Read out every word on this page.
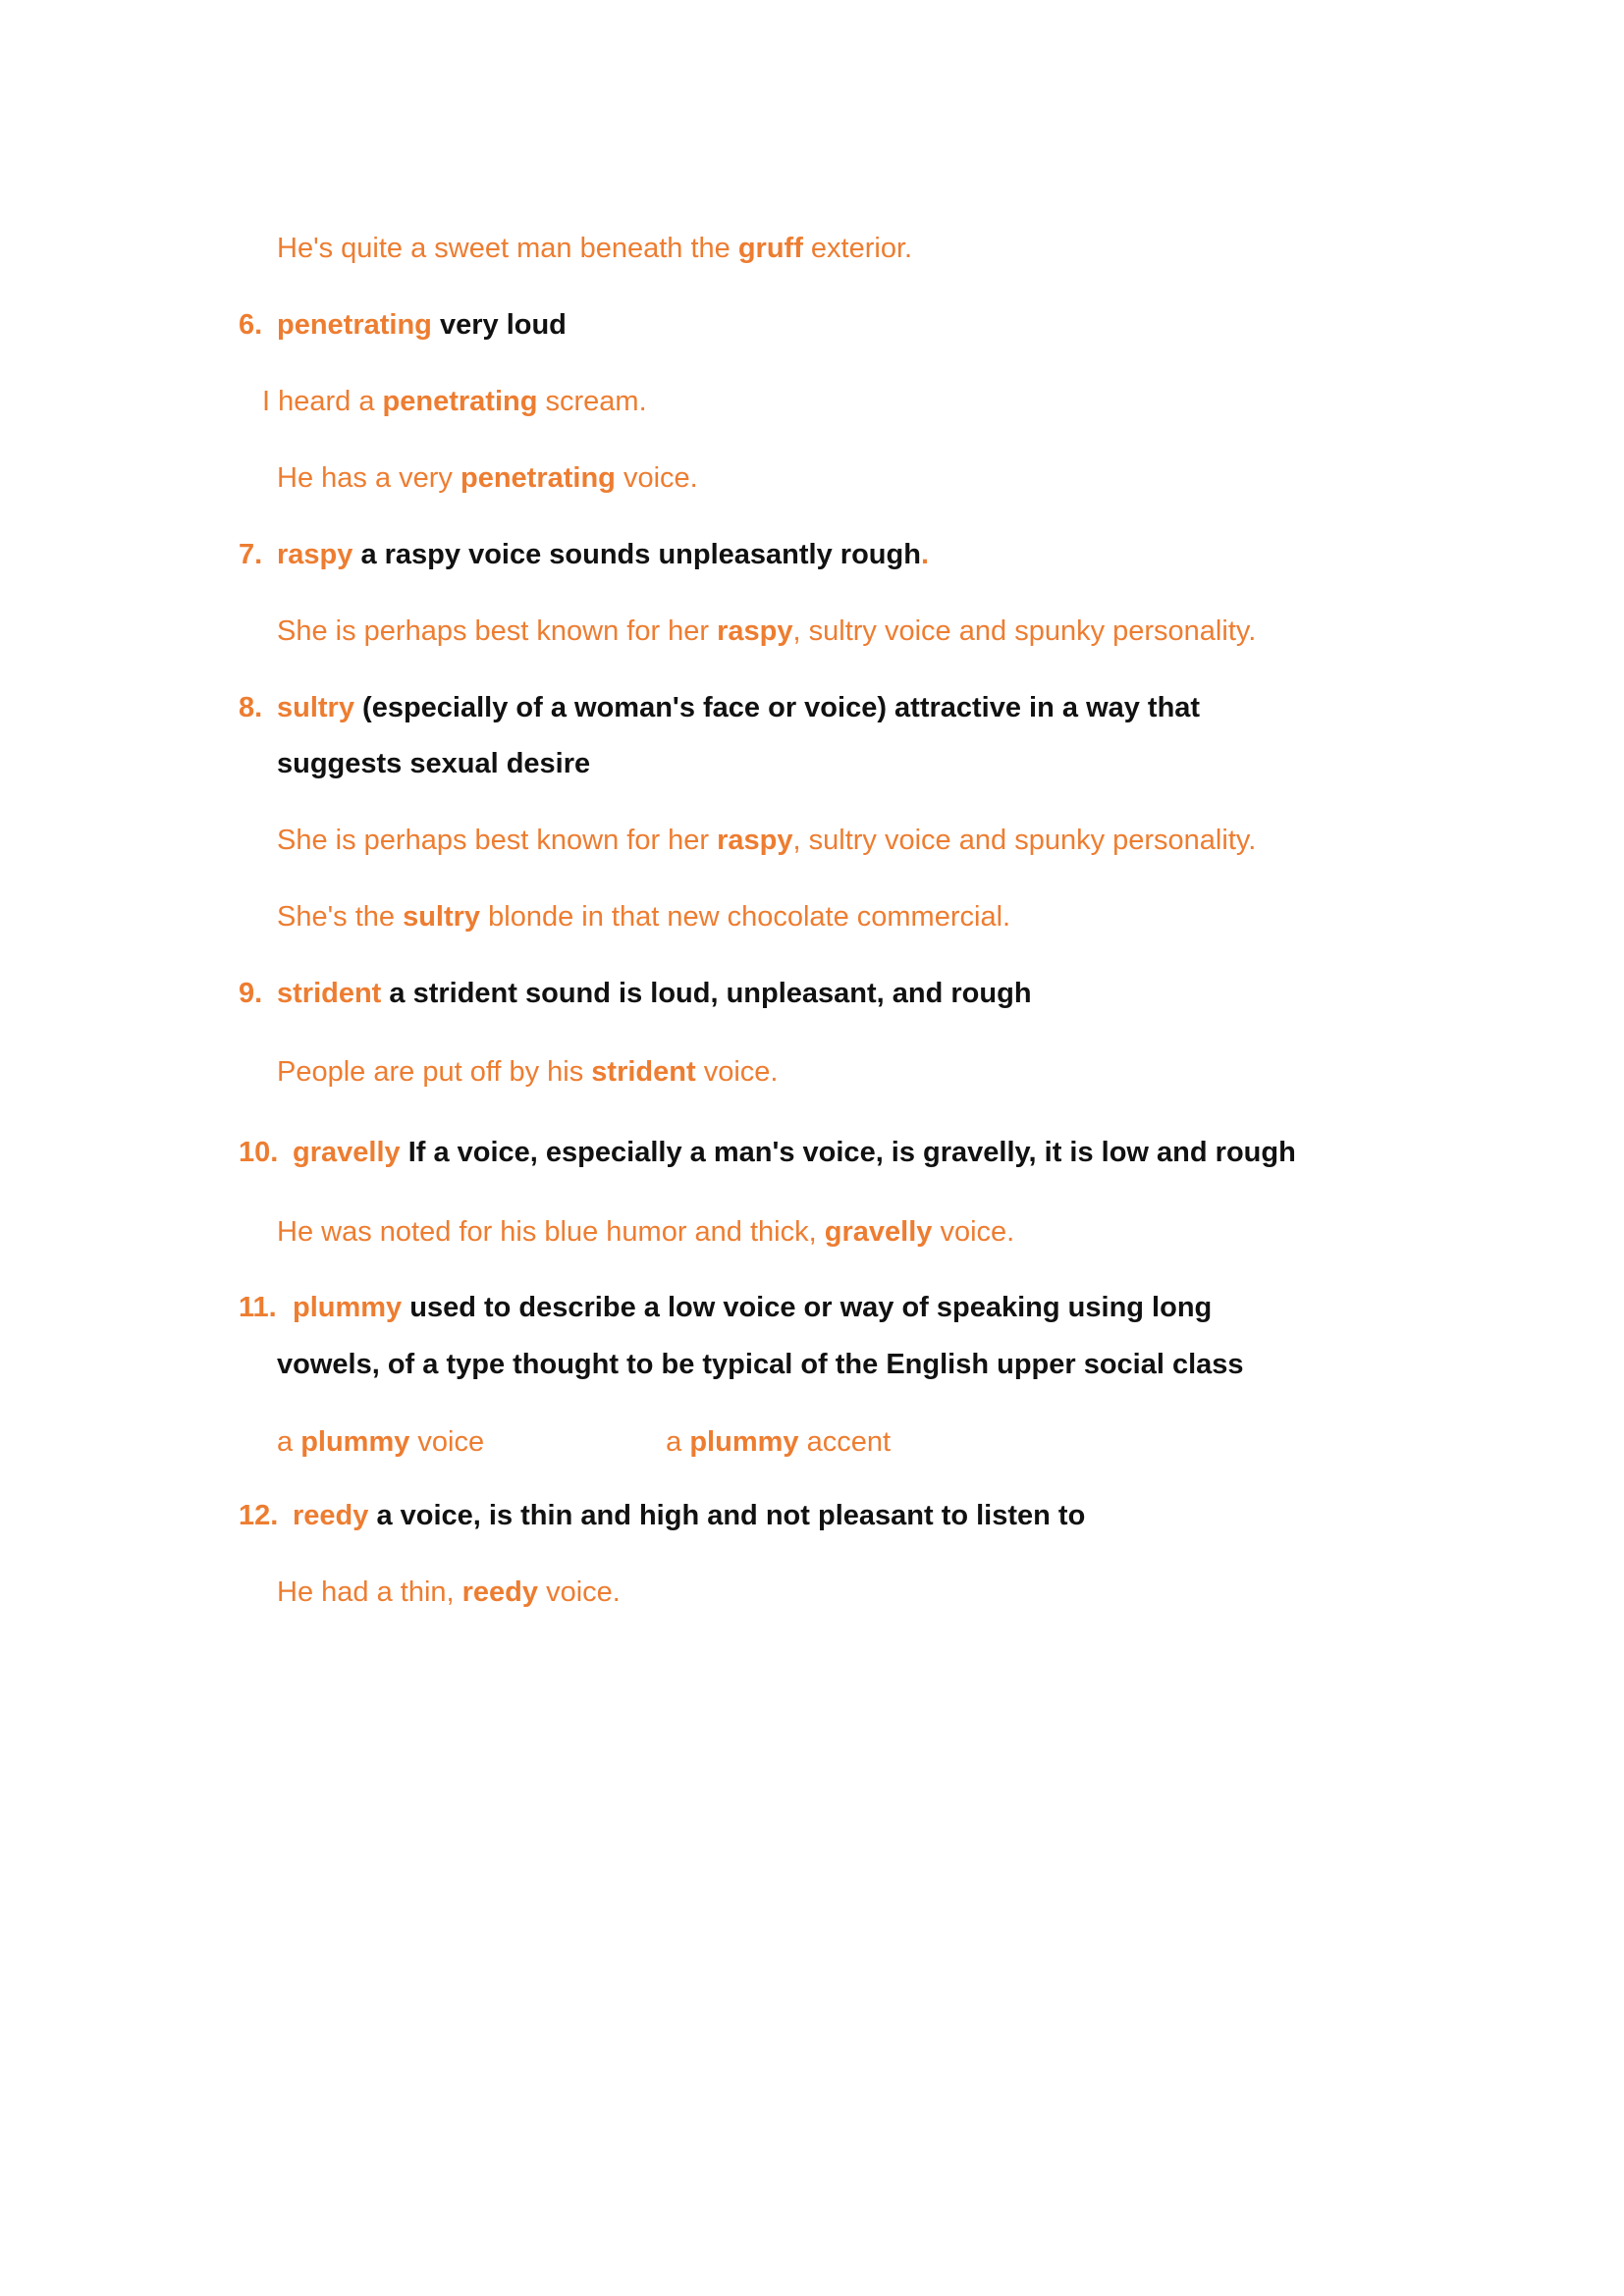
He's quite a sweet man beneath the gruff exterior.
6. penetrating very loud
I heard a penetrating scream.
He has a very penetrating voice.
7. raspy a raspy voice sounds unpleasantly rough.
She is perhaps best known for her raspy, sultry voice and spunky personality.
8. sultry (especially of a woman's face or voice) attractive in a way that
suggests sexual desire
She is perhaps best known for her raspy, sultry voice and spunky personality.
She's the sultry blonde in that new chocolate commercial.
9. strident a strident sound is loud, unpleasant, and rough
People are put off by his strident voice.
10. gravelly If a voice, especially a man's voice, is gravelly, it is low and rough
He was noted for his blue humor and thick, gravelly voice.
11. plummy used to describe a low voice or way of speaking using long
vowels, of a type thought to be typical of the English upper social class
a plummy voice	a plummy accent
12. reedy a voice, is thin and high and not pleasant to listen to
He had a thin, reedy voice.
